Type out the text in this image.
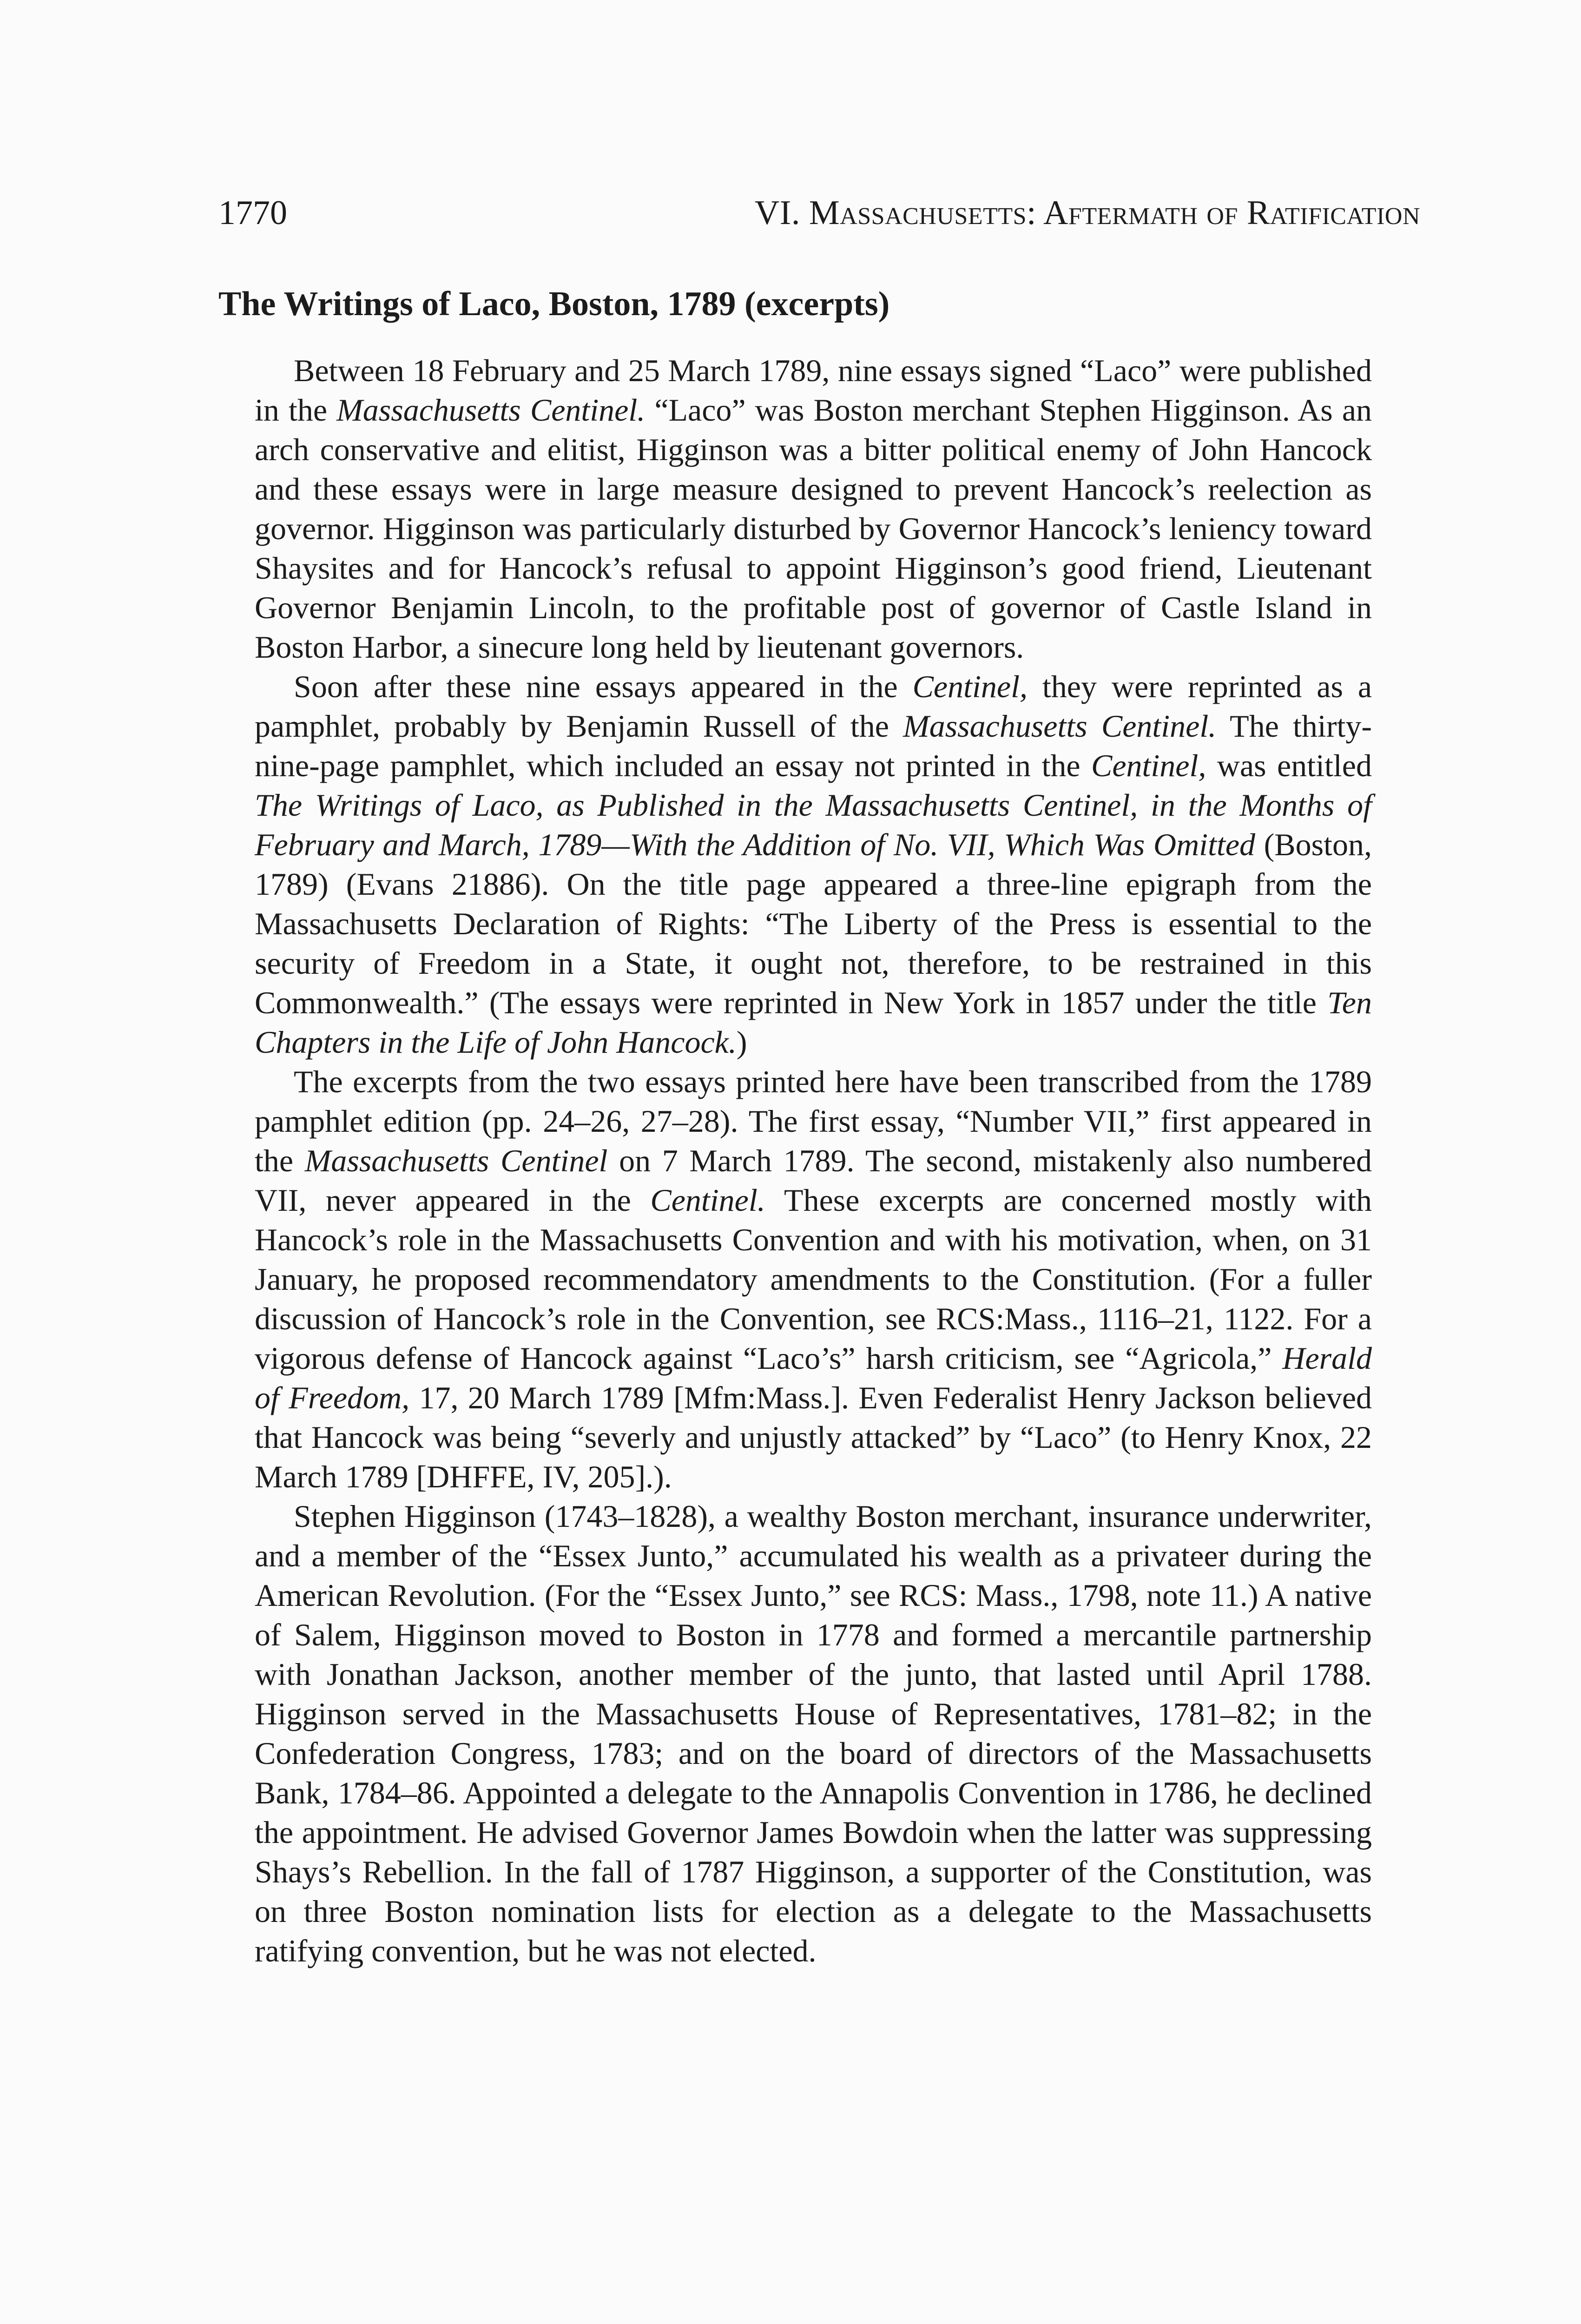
1770	VI. Massachusetts: Aftermath of Ratification
The Writings of Laco, Boston, 1789 (excerpts)

Between 18 February and 25 March 1789, nine essays signed “Laco” were published in the Massachusetts Centinel. “Laco” was Boston merchant Stephen Higginson. As an arch conservative and elitist, Higginson was a bitter political enemy of John Hancock and these essays were in large measure designed to prevent Hancock’s reelection as governor. Higginson was particularly disturbed by Governor Hancock’s leniency toward Shaysites and for Hancock’s refusal to appoint Higginson’s good friend, Lieutenant Governor Benjamin Lincoln, to the profitable post of governor of Castle Island in Boston Harbor, a sinecure long held by lieutenant governors.

Soon after these nine essays appeared in the Centinel, they were reprinted as a pamphlet, probably by Benjamin Russell of the Massachusetts Centinel. The thirty-nine-page pamphlet, which included an essay not printed in the Centinel, was entitled The Writings of Laco, as Published in the Massachusetts Centinel, in the Months of February and March, 1789—With the Addition of No. VII, Which Was Omitted (Boston, 1789) (Evans 21886). On the title page appeared a three-line epigraph from the Massachusetts Declaration of Rights: “The Liberty of the Press is essential to the security of Freedom in a State, it ought not, therefore, to be restrained in this Commonwealth.” (The essays were reprinted in New York in 1857 under the title Ten Chapters in the Life of John Hancock.)

The excerpts from the two essays printed here have been transcribed from the 1789 pamphlet edition (pp. 24–26, 27–28). The first essay, “Number VII,” first appeared in the Massachusetts Centinel on 7 March 1789. The second, mistakenly also numbered VII, never appeared in the Centinel. These excerpts are concerned mostly with Hancock’s role in the Massachusetts Convention and with his motivation, when, on 31 January, he proposed recommendatory amendments to the Constitution. (For a fuller discussion of Hancock’s role in the Convention, see RCS:Mass., 1116–21, 1122. For a vigorous defense of Hancock against “Laco’s” harsh criticism, see “Agricola,” Herald of Freedom, 17, 20 March 1789 [Mfm:Mass.]. Even Federalist Henry Jackson believed that Hancock was being “severly and unjustly attacked” by “Laco” (to Henry Knox, 22 March 1789 [DHFFE, IV, 205].).

Stephen Higginson (1743–1828), a wealthy Boston merchant, insurance underwriter, and a member of the “Essex Junto,” accumulated his wealth as a privateer during the American Revolution. (For the “Essex Junto,” see RCS: Mass., 1798, note 11.) A native of Salem, Higginson moved to Boston in 1778 and formed a mercantile partnership with Jonathan Jackson, another member of the junto, that lasted until April 1788. Higginson served in the Massachusetts House of Representatives, 1781–82; in the Confederation Congress, 1783; and on the board of directors of the Massachusetts Bank, 1784–86. Appointed a delegate to the Annapolis Convention in 1786, he declined the appointment. He advised Governor James Bowdoin when the latter was suppressing Shays’s Rebellion. In the fall of 1787 Higginson, a supporter of the Constitution, was on three Boston nomination lists for election as a delegate to the Massachusetts ratifying convention, but he was not elected.
